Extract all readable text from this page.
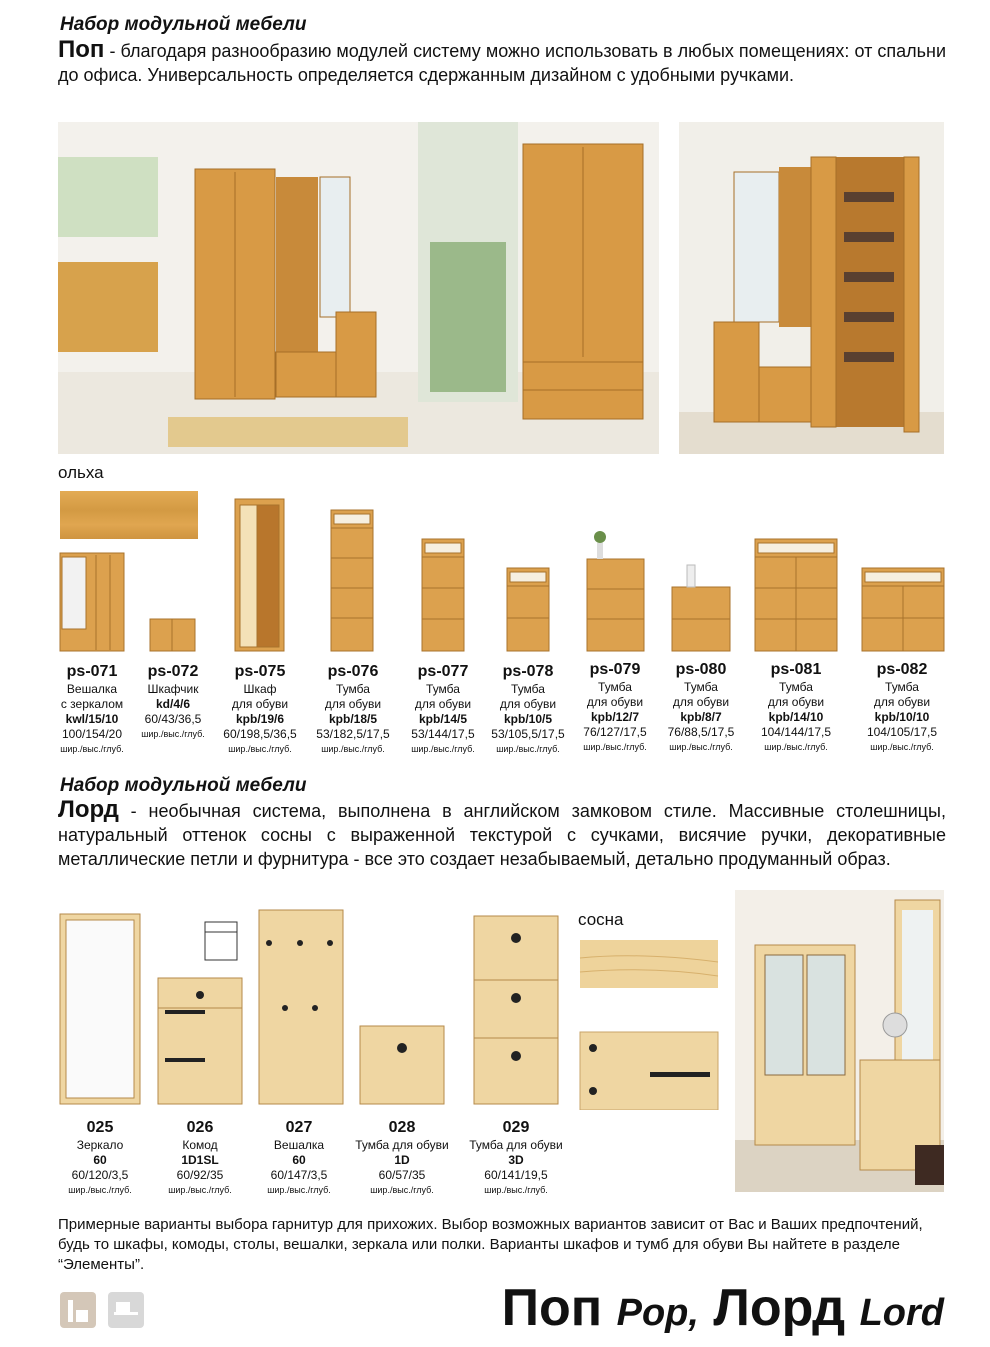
Набор модульной мебели
Поп - благодаря разнообразию модулей систему можно использовать в любых помещениях: от спальни до офиса. Универсальность определяется сдержанным дизайном с удобными ручками.
ольха
ps-071
Вешалка
с зеркалом
kwl/15/10
100/154/20
шир./выс./глуб.
ps-072
Шкафчик
kd/4/6
60/43/36,5
шир./выс./глуб.
ps-075
Шкаф
для обуви
kpb/19/6
60/198,5/36,5
шир./выс./глуб.
ps-076
Тумба
для обуви
kpb/18/5
53/182,5/17,5
шир./выс./глуб.
ps-077
Тумба
для обуви
kpb/14/5
53/144/17,5
шир./выс./глуб.
ps-078
Тумба
для обуви
kpb/10/5
53/105,5/17,5
шир./выс./глуб.
ps-079
Тумба
для обуви
kpb/12/7
76/127/17,5
шир./выс./глуб.
ps-080
Тумба
для обуви
kpb/8/7
76/88,5/17,5
шир./выс./глуб.
ps-081
Тумба
для обуви
kpb/14/10
104/144/17,5
шир./выс./глуб.
ps-082
Тумба
для обуви
kpb/10/10
104/105/17,5
шир./выс./глуб.
Набор модульной мебели
Лорд - необычная система, выполнена в английском замковом стиле. Массивные столешницы, натуральный оттенок сосны с выраженной текстурой с сучками, висячие ручки, декоративные металлические петли и фурнитура - все это создает незабываемый, детально продуманный образ.
сосна
025
Зеркало
60
60/120/3,5
шир./выс./глуб.
026
Комод
1D1SL
60/92/35
шир./выс./глуб.
027
Вешалка
60
60/147/3,5
шир./выс./глуб.
028
Тумба для обуви
1D
60/57/35
шир./выс./глуб.
029
Тумба для обуви
3D
60/141/19,5
шир./выс./глуб.
Примерные варианты выбора гарнитур для прихожих. Выбор возможных вариантов зависит от Вас и Ваших предпочтений, будь то шкафы, комоды, столы, вешалки, зеркала или полки. Варианты шкафов и тумб для обуви Вы найтете в разделе “Элементы”.
Поп Pop, Лорд Lord
